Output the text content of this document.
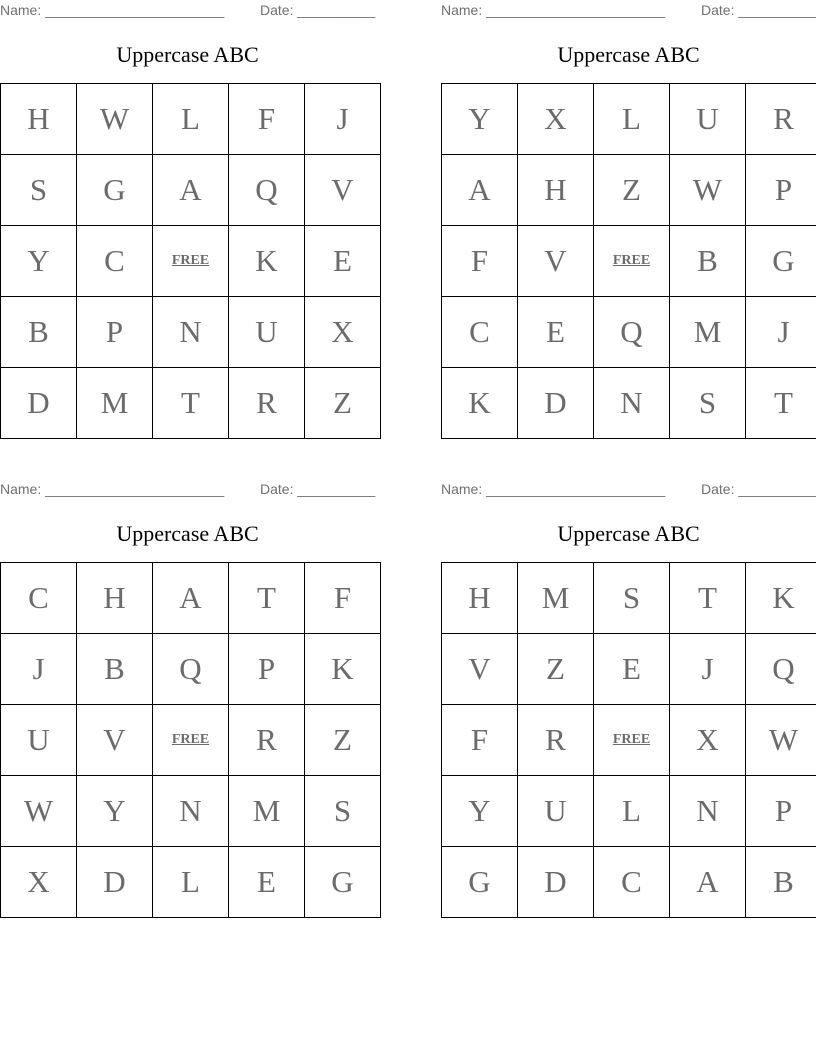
Name: _______________________	Date: __________
Uppercase ABC
H	W	L	F	J
S	G	A	Q	V
Y	C	FREE	K	E
B	P	N	U	X
D	M	T	R	Z
Name: _______________________	Date: __________
Uppercase ABC
Y	X	L	U	R
A	H	Z	W	P
F	V	FREE	B	G
C	E	Q	M	J
K	D	N	S	T
Name: _______________________	Date: __________
Uppercase ABC
C	H	A	T	F
J	B	Q	P	K
U	V	FREE	R	Z
W	Y	N	M	S
X	D	L	E	G
Name: _______________________	Date: __________
Uppercase ABC
H	M	S	T	K
V	Z	E	J	Q
F	R	FREE	X	W
Y	U	L	N	P
G	D	C	A	B
